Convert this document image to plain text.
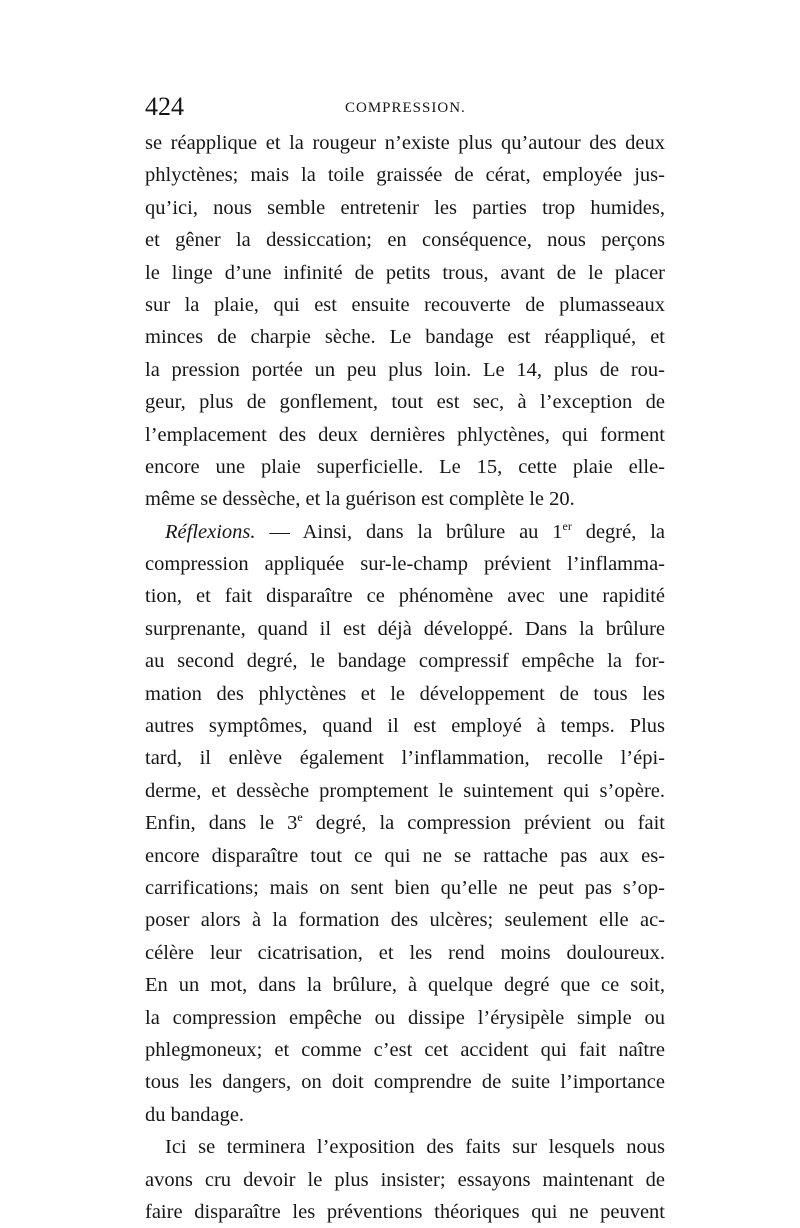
424	COMPRESSION.
se réapplique et la rougeur n’existe plus qu’autour des deux
phlyctènes; mais la toile graissée de cérat, employée jus-
qu’ici, nous semble entretenir les parties trop humides,
et gêner la dessiccation; en conséquence, nous perçons
le linge d’une infinité de petits trous, avant de le placer
sur la plaie, qui est ensuite recouverte de plumasseaux
minces de charpie sèche. Le bandage est réappliqué, et
la pression portée un peu plus loin. Le 14, plus de rou-
geur, plus de gonflement, tout est sec, à l’exception de
l’emplacement des deux dernières phlyctènes, qui forment
encore une plaie superficielle. Le 15, cette plaie elle-
même se dessèche, et la guérison est complète le 20.
Réflexions. — Ainsi, dans la brûlure au 1er degré, la
compression appliquée sur-le-champ prévient l’inflamma-
tion, et fait disparaître ce phénomène avec une rapidité
surprenante, quand il est déjà développé. Dans la brûlure
au second degré, le bandage compressif empêche la for-
mation des phlyctènes et le développement de tous les
autres symptômes, quand il est employé à temps. Plus
tard, il enlève également l’inflammation, recolle l’épi-
derme, et dessèche promptement le suintement qui s’opère.
Enfin, dans le 3e degré, la compression prévient ou fait
encore disparaître tout ce qui ne se rattache pas aux es-
carrifications; mais on sent bien qu’elle ne peut pas s’op-
poser alors à la formation des ulcères; seulement elle ac-
célère leur cicatrisation, et les rend moins douloureux.
En un mot, dans la brûlure, à quelque degré que ce soit,
la compression empêche ou dissipe l’érysipèle simple ou
phlegmoneux; et comme c’est cet accident qui fait naître
tous les dangers, on doit comprendre de suite l’importance
du bandage.
Ici se terminera l’exposition des faits sur lesquels nous
avons cru devoir le plus insister; essayons maintenant de
faire disparaître les préventions théoriques qui ne peuvent
